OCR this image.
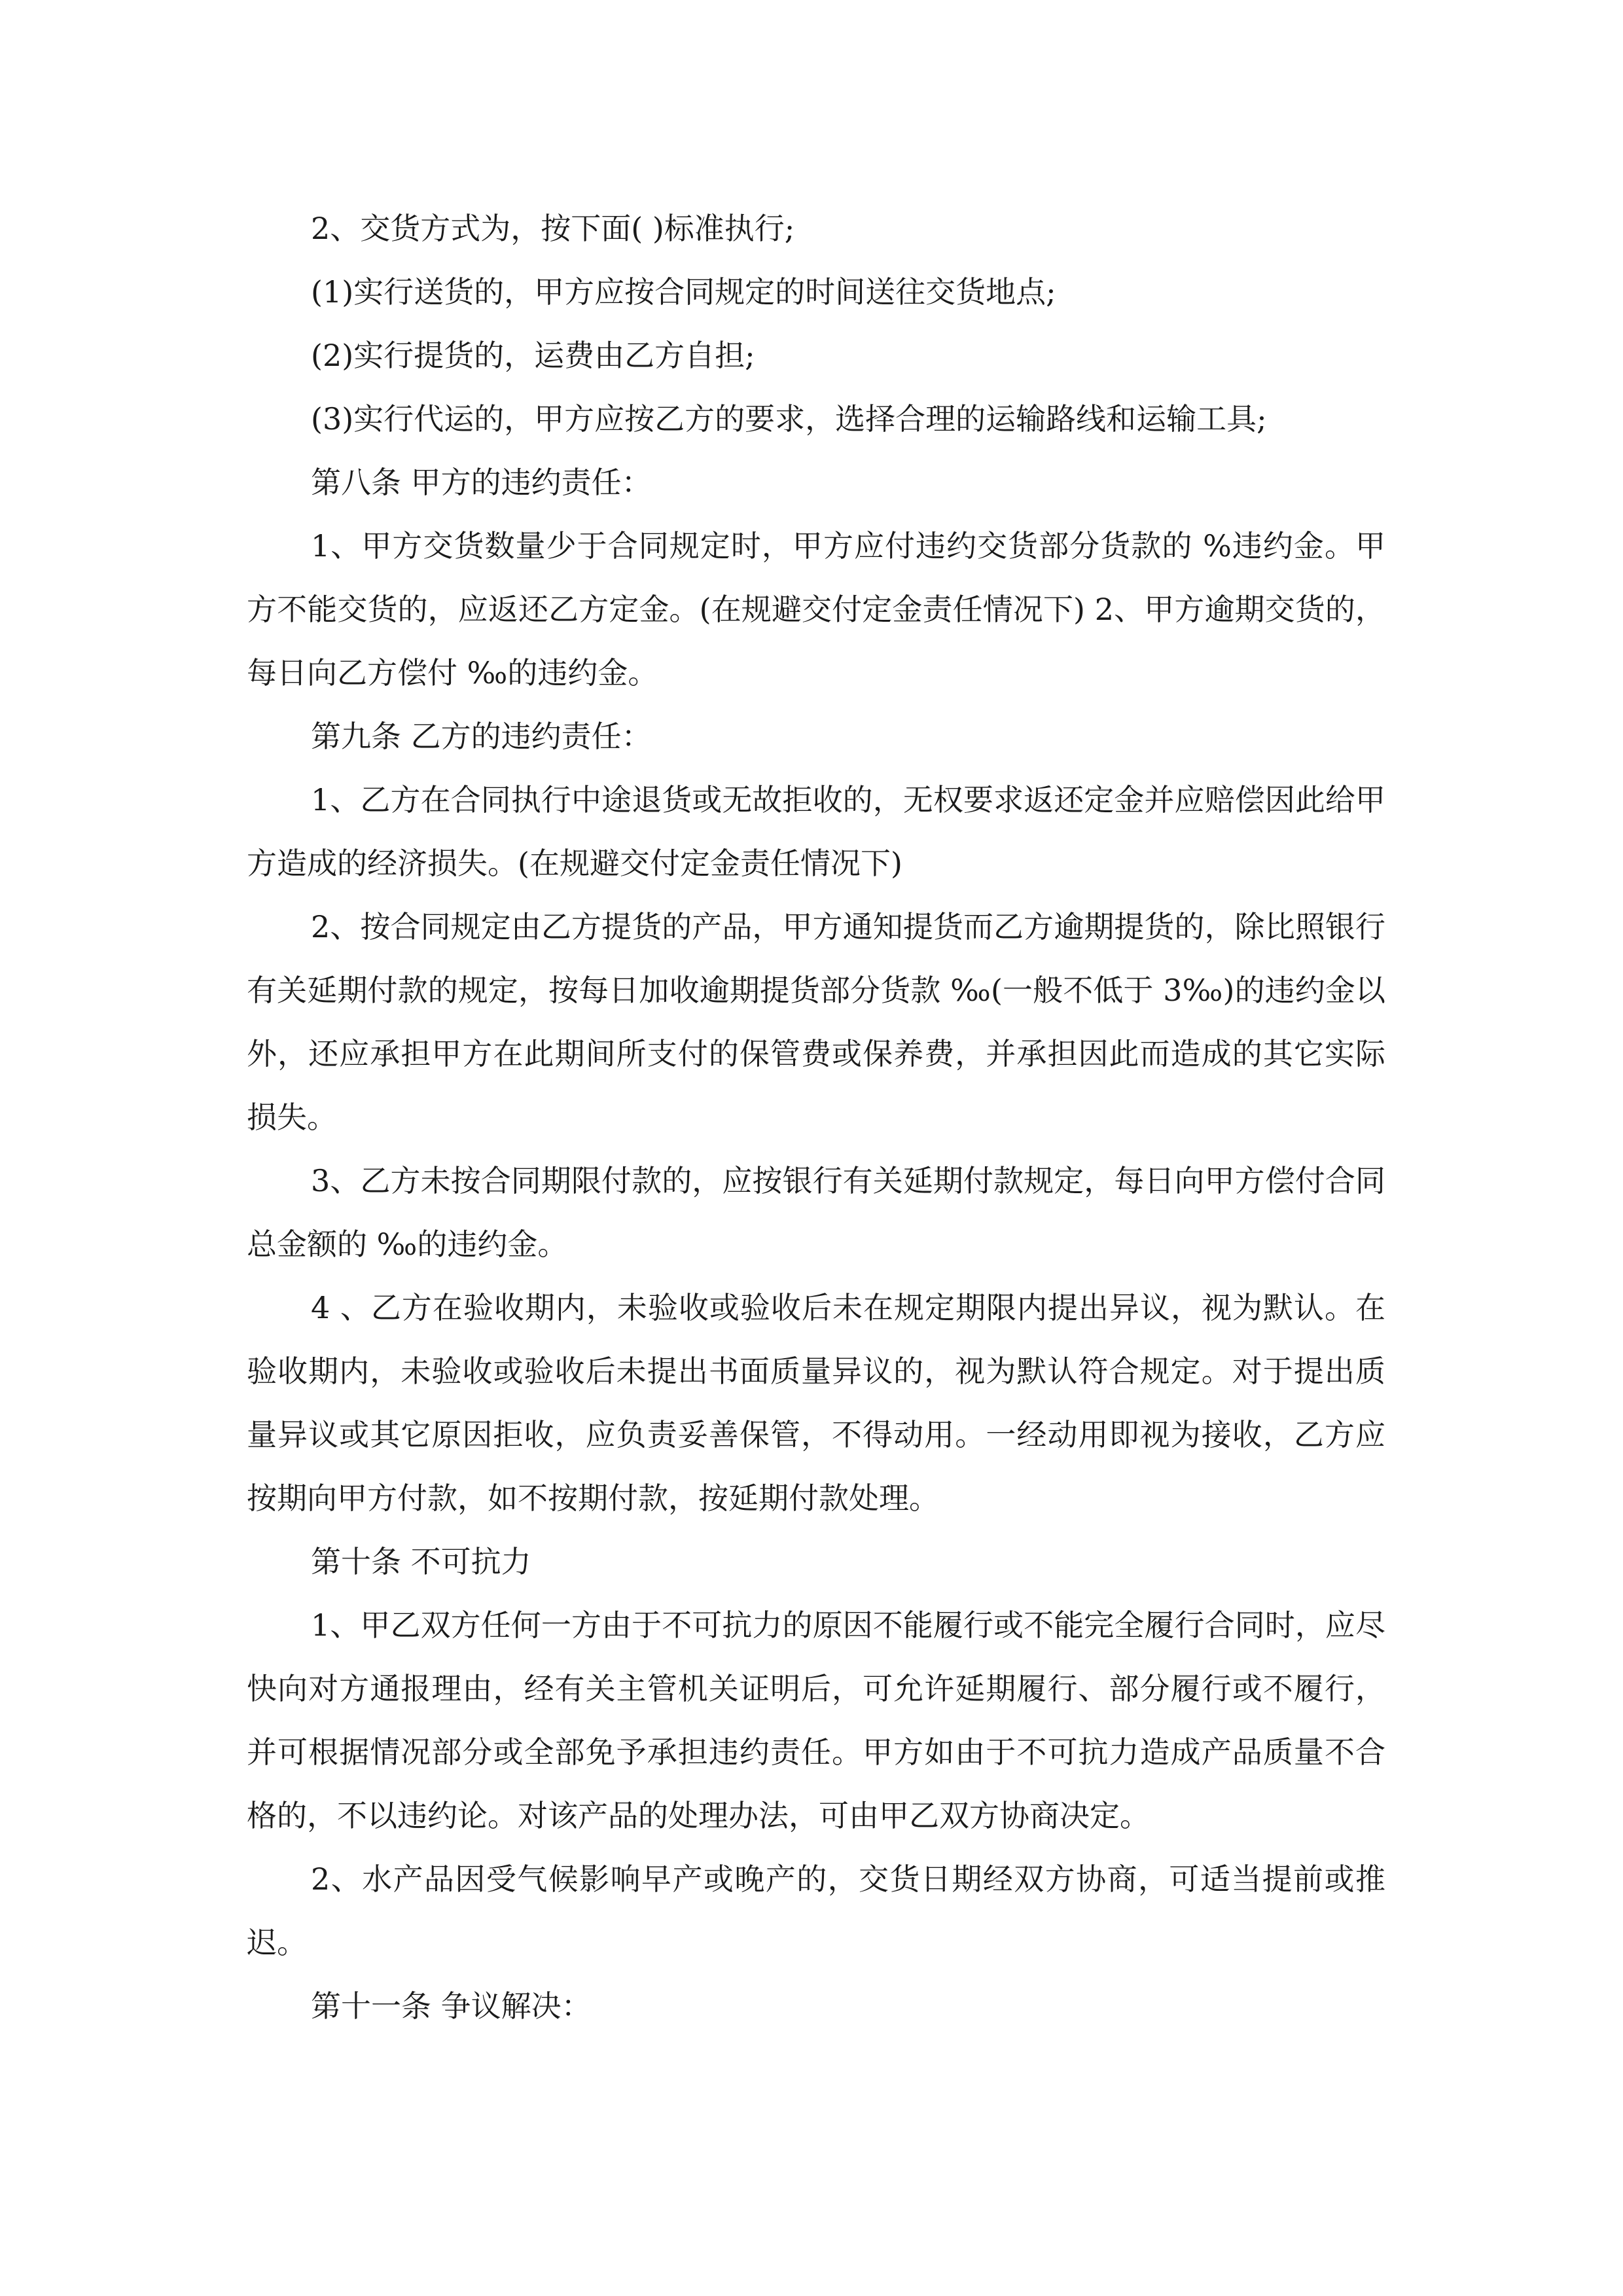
2、交货方式为，按下面( )标准执行;

(1)实行送货的，甲方应按合同规定的时间送往交货地点;

(2)实行提货的，运费由乙方自担;

(3)实行代运的，甲方应按乙方的要求，选择合理的运输路线和运输工具;

第八条 甲方的违约责任：

1、甲方交货数量少于合同规定时，甲方应付违约交货部分货款的 %违约金。甲方不能交货的，应返还乙方定金。(在规避交付定金责任情况下) 2、甲方逾期交货的，每日向乙方偿付 ‰的违约金。

第九条 乙方的违约责任：

1、乙方在合同执行中途退货或无故拒收的，无权要求返还定金并应赔偿因此给甲方造成的经济损失。(在规避交付定金责任情况下)

2、按合同规定由乙方提货的产品，甲方通知提货而乙方逾期提货的，除比照银行有关延期付款的规定，按每日加收逾期提货部分货款 ‰(一般不低于 3‰)的违约金以外，还应承担甲方在此期间所支付的保管费或保养费，并承担因此而造成的其它实际损失。

3、乙方未按合同期限付款的，应按银行有关延期付款规定，每日向甲方偿付合同总金额的 ‰的违约金。

4 、乙方在验收期内，未验收或验收后未在规定期限内提出异议，视为默认。在验收期内，未验收或验收后未提出书面质量异议的，视为默认符合规定。对于提出质量异议或其它原因拒收，应负责妥善保管，不得动用。一经动用即视为接收，乙方应按期向甲方付款，如不按期付款，按延期付款处理。

第十条 不可抗力

1、甲乙双方任何一方由于不可抗力的原因不能履行或不能完全履行合同时，应尽快向对方通报理由，经有关主管机关证明后，可允许延期履行、部分履行或不履行，并可根据情况部分或全部免予承担违约责任。甲方如由于不可抗力造成产品质量不合格的，不以违约论。对该产品的处理办法，可由甲乙双方协商决定。

2、水产品因受气候影响早产或晚产的，交货日期经双方协商，可适当提前或推迟。

第十一条 争议解决：
